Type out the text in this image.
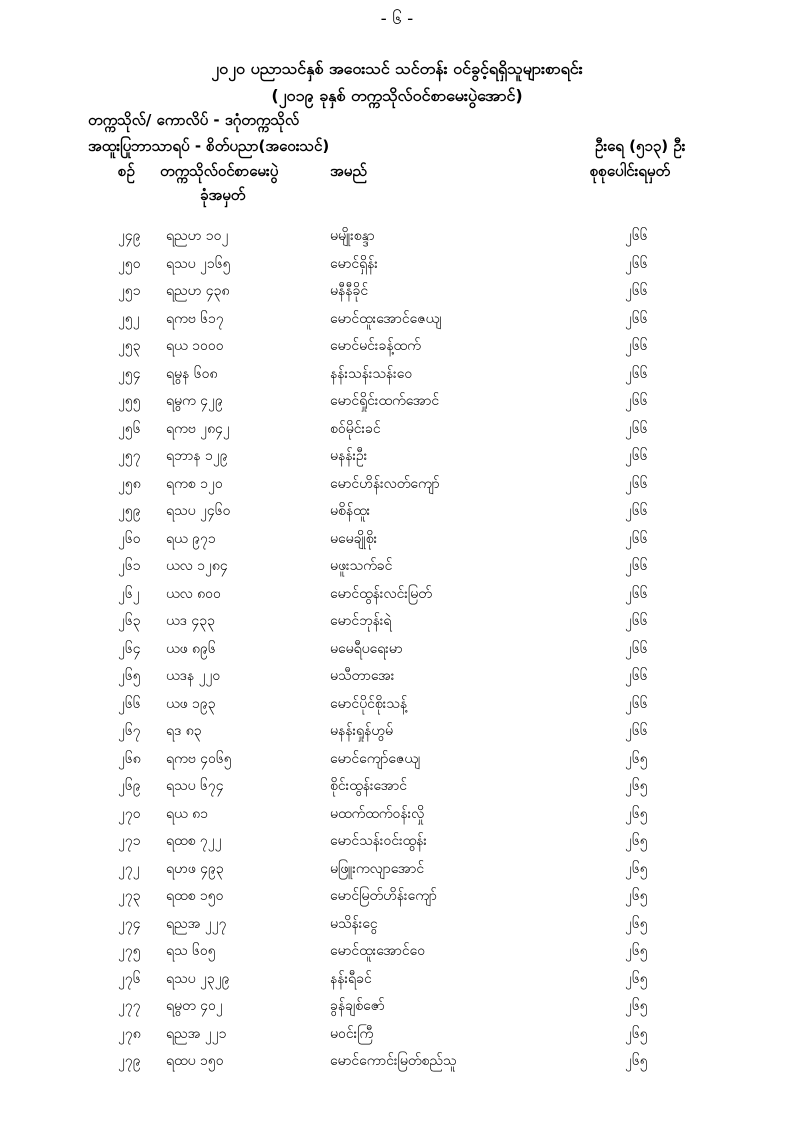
- ၆ -
၂၀၂၀ ပညာသင်နှစ် အဝေးသင် သင်တန်း ဝင်ခွင့်ရရှိသူများစာရင်း
(၂၀၁၉ ခုနှစ် တက္ကသိုလ်ဝင်စာမေးပွဲအောင်)
တက္ကသိုလ်/ ကောလိပ် - ဒဂုံတက္ကသိုလ်
အထူးပြုဘာသာရပ် - စိတ်ပညာ(အဝေးသင်)	ဦးရေ (၅၁၃) ဦး
စဉ် တက္ကသိုလ်ဝင်စာမေးပွဲ
ခုံအမှတ်
အမည်	စုစုပေါင်းရမှတ်
၂၄၉ ရညဟ ၁၀၂	မမျိုးစန္ဒာ	၂၆၆
၂၅၀ ရသပ ၂၁၆၅	မောင်ရှိန်း	၂၆၆
၂၅၁ ရညဟ ၄၃၈	မနီနီခိုင်	၂၆၆
၂၅၂ ရကဗ ၆၁၇	မောင်ထူးအောင်ဇေယျ	၂၆၆
၂၅၃ ရယ ၁၀၀၀	မောင်မင်းခန့်ထက်	၂၆၆
၂၅၄ ရမွန ၆၀၈	နန်းသန်းသန်းဝေ	၂၆၆
၂၅၅ ရမွက ၄၂၉	မောင်ရှိုင်းထက်အောင်	၂၆၆
၂၅၆ ရကဗ ၂၈၄၂	စဝ်မိုင်းခင်	၂၆၆
၂၅၇ ရဘာန ၁၂၉	မနန်းဦး	၂၆၆
၂၅၈ ရကစ ၁၂၀	မောင်ဟိန်းလတ်ကျော်	၂၆၆
၂၅၉ ရသပ ၂၄၆၀	မစိန်ထူး	၂၆၆
၂၆၀ ရယ ၉၇၁	မမေချိုစိုး	၂၆၆
၂၆၁ ယလ ၁၂၈၄	မဖူးသက်ခင်	၂၆၆
၂၆၂ ယလ ၈၀၀	မောင်ထွန်းလင်းမြတ်	၂၆၆
၂၆၃ ယဒ ၄၃၃	မောင်ဘုန်းရဲ	၂၆၆
၂၆၄ ယဖ ၈၉၆	မမေရီပရေးမာ	၂၆၆
၂၆၅ ယဒန ၂၂၀	မသီတာအေး	၂၆၆
၂၆၆ ယဖ ၁၉၃	မောင်ပိုင်စိုးသန့်	၂၆၆
၂၆၇ ရဒ ၈၃	မနန်းရှုန်ဟွမ်	၂၆၆
၂၆၈ ရကဗ ၄၀၆၅	မောင်ကျော်ဇေယျ	၂၆၅
၂၆၉ ရသပ ၆၇၄	စိုင်းထွန်းအောင်	၂၆၅
၂၇၀ ရယ ၈၁	မထက်ထက်ဝန်းလှို	၂၆၅
၂၇၁ ရထစ ၇၂၂	မောင်သန်းဝင်းထွန်း	၂၆၅
၂၇၂ ရဟဖ ၄၉၃	မဖြူးကလျာအောင်	၂၆၅
၂၇၃ ရထစ ၁၅၀	မောင်မြတ်ဟိန်းကျော်	၂၆၅
၂၇၄ ရညအ ၂၂၇	မသိန်းငွေ	၂၆၅
၂၇၅ ရသ ၆၀၅	မောင်ထူးအောင်ဝေ	၂၆၅
၂၇၆ ရသပ ၂၃၂၉	နန်းရီခင်	၂၆၅
၂၇၇ ရမွတ ၄၀၂	ခွန်ချစ်ဇော်	၂၆၅
၂၇၈ ရညအ ၂၂၁	မဝင်းကြီ	၂၆၅
၂၇၉ ရထပ ၁၅၀	မောင်ကောင်းမြတ်စည်သူ	၂၆၅
